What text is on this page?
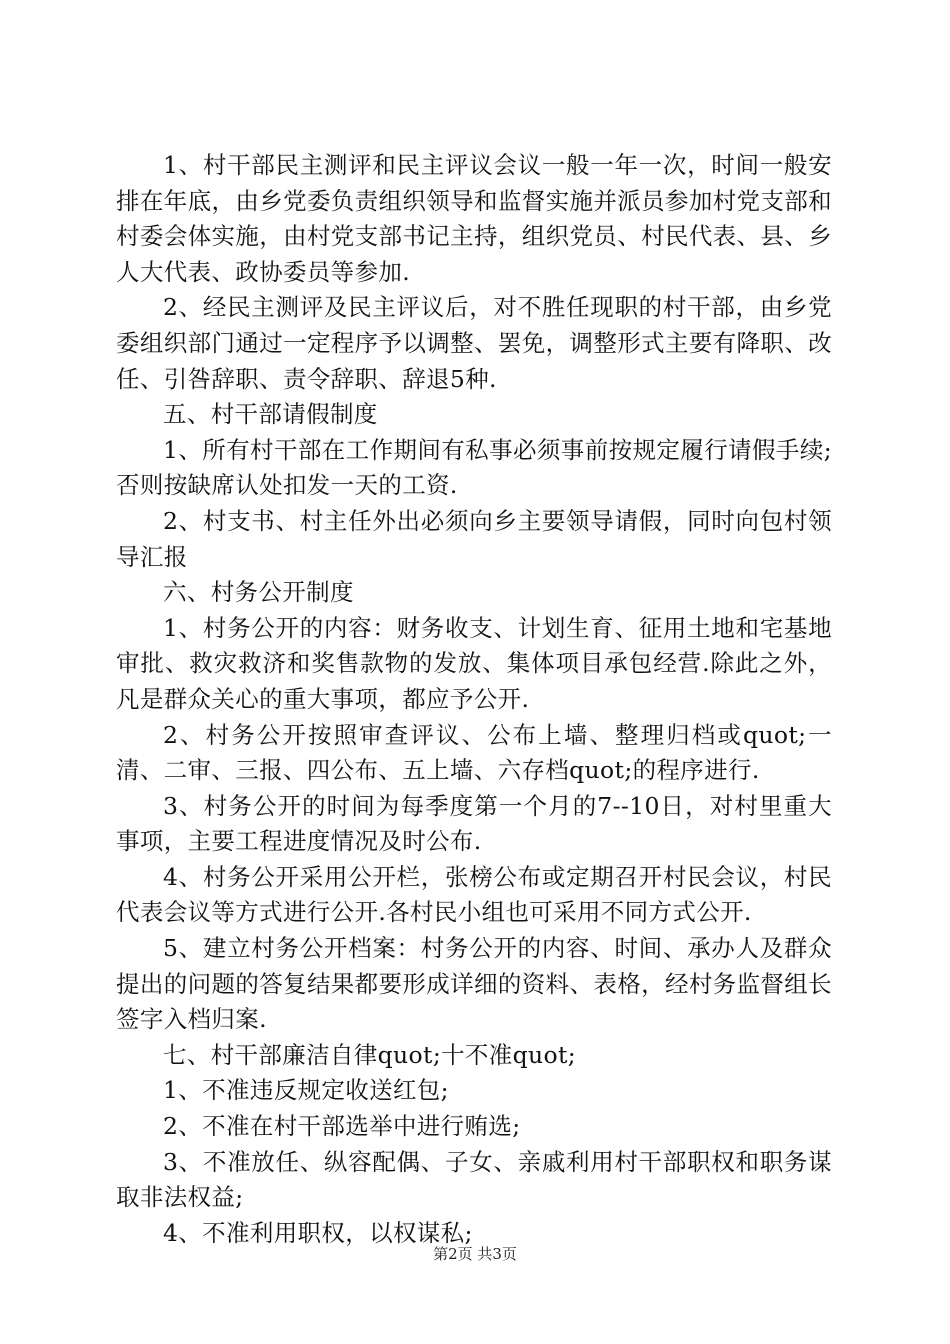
1、村干部民主测评和民主评议会议一般一年一次，时间一般安排在年底，由乡党委负责组织领导和监督实施并派员参加村党支部和村委会体实施，由村党支部书记主持，组织党员、村民代表、县、乡人大代表、政协委员等参加.

2、经民主测评及民主评议后，对不胜任现职的村干部，由乡党委组织部门通过一定程序予以调整、罢免，调整形式主要有降职、改任、引咎辞职、责令辞职、辞退5种.

五、村干部请假制度

1、所有村干部在工作期间有私事必须事前按规定履行请假手续;否则按缺席认处扣发一天的工资.

2、村支书、村主任外出必须向乡主要领导请假，同时向包村领导汇报

六、村务公开制度

1、村务公开的内容：财务收支、计划生育、征用土地和宅基地审批、救灾救济和奖售款物的发放、集体项目承包经营.除此之外，凡是群众关心的重大事项，都应予公开.

2、村务公开按照审查评议、公布上墙、整理归档或quot;一清、二审、三报、四公布、五上墙、六存档quot;的程序进行.

3、村务公开的时间为每季度第一个月的7--10日，对村里重大事项，主要工程进度情况及时公布.

4、村务公开采用公开栏，张榜公布或定期召开村民会议，村民代表会议等方式进行公开.各村民小组也可采用不同方式公开.

5、建立村务公开档案：村务公开的内容、时间、承办人及群众提出的问题的答复结果都要形成详细的资料、表格，经村务监督组长签字入档归案.

七、村干部廉洁自律quot;十不准quot;

1、不准违反规定收送红包;

2、不准在村干部选举中进行贿选;

3、不准放任、纵容配偶、子女、亲戚利用村干部职权和职务谋取非法权益;

4、不准利用职权，以权谋私;

第2页 共3页
